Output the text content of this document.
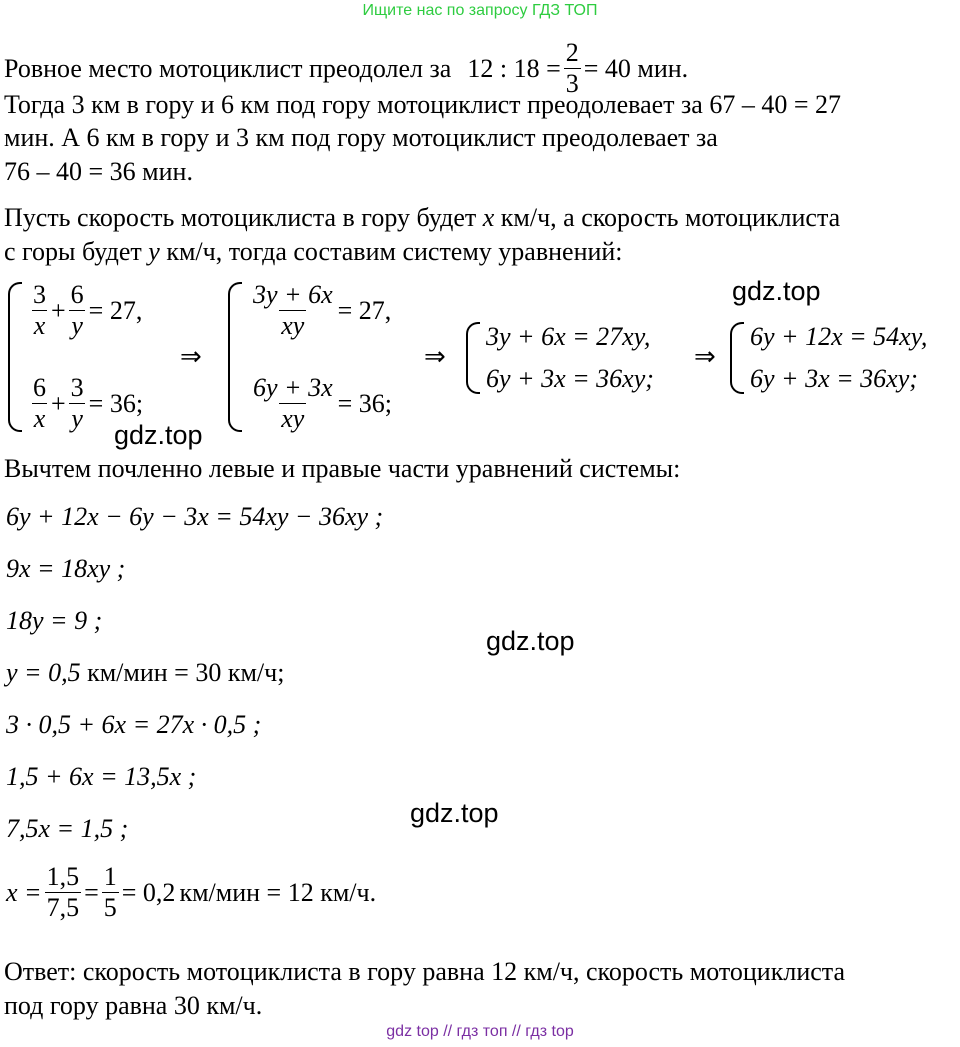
Ищите нас по запросу ГДЗ ТОП
Ровное место мотоциклист преодолел за 12 : $18 = \frac{2}{3} = 40$ мин.
Тогда 3 км в гору и 6 км под гору мотоциклист преодолевает за 67 – 40 = 27
мин. А 6 км в гору и 3 км под гору мотоциклист преодолевает за
76 – 40 = 36 мин.
Пусть скорость мотоциклиста в гору будет x км/ч, а скорость мотоциклиста
с горы будет y км/ч, тогда составим систему уравнений:
$\frac{3}{x} + \frac{6}{y} = 27$,
$\frac{6}{x} + \frac{3}{y} = 36$;
⇒
$\frac{3y + 6x}{xy} = 27$,
$\frac{6y + 3x}{xy} = 36$;
⇒
3y + 6x = 27xy,
6y + 3x = 36xy;
⇒
6y + 12x = 54xy,
6y + 3x = 36xy;
Вычтем почленно левые и правые части уравнений системы:
6y + 12x − 6y − 3x = 54xy − 36xy ;
9x = 18xy ;
18y = 9 ;
y = 0,5 км/мин = 30 км/ч;
3 · 0,5 + 6x = 27x · 0,5 ;
1,5 + 6x = 13,5x ;
7,5x = 1,5 ;
$x = \frac{1,5}{7,5} = \frac{1}{5} = 0,2$ км/мин = 12 км/ч.
Ответ: скорость мотоциклиста в гору равна 12 км/ч, скорость мотоциклиста
под гору равна 30 км/ч.
gdz.top
gdz.top
gdz.top
gdz.top
gdz top // гдз топ // гдз top
